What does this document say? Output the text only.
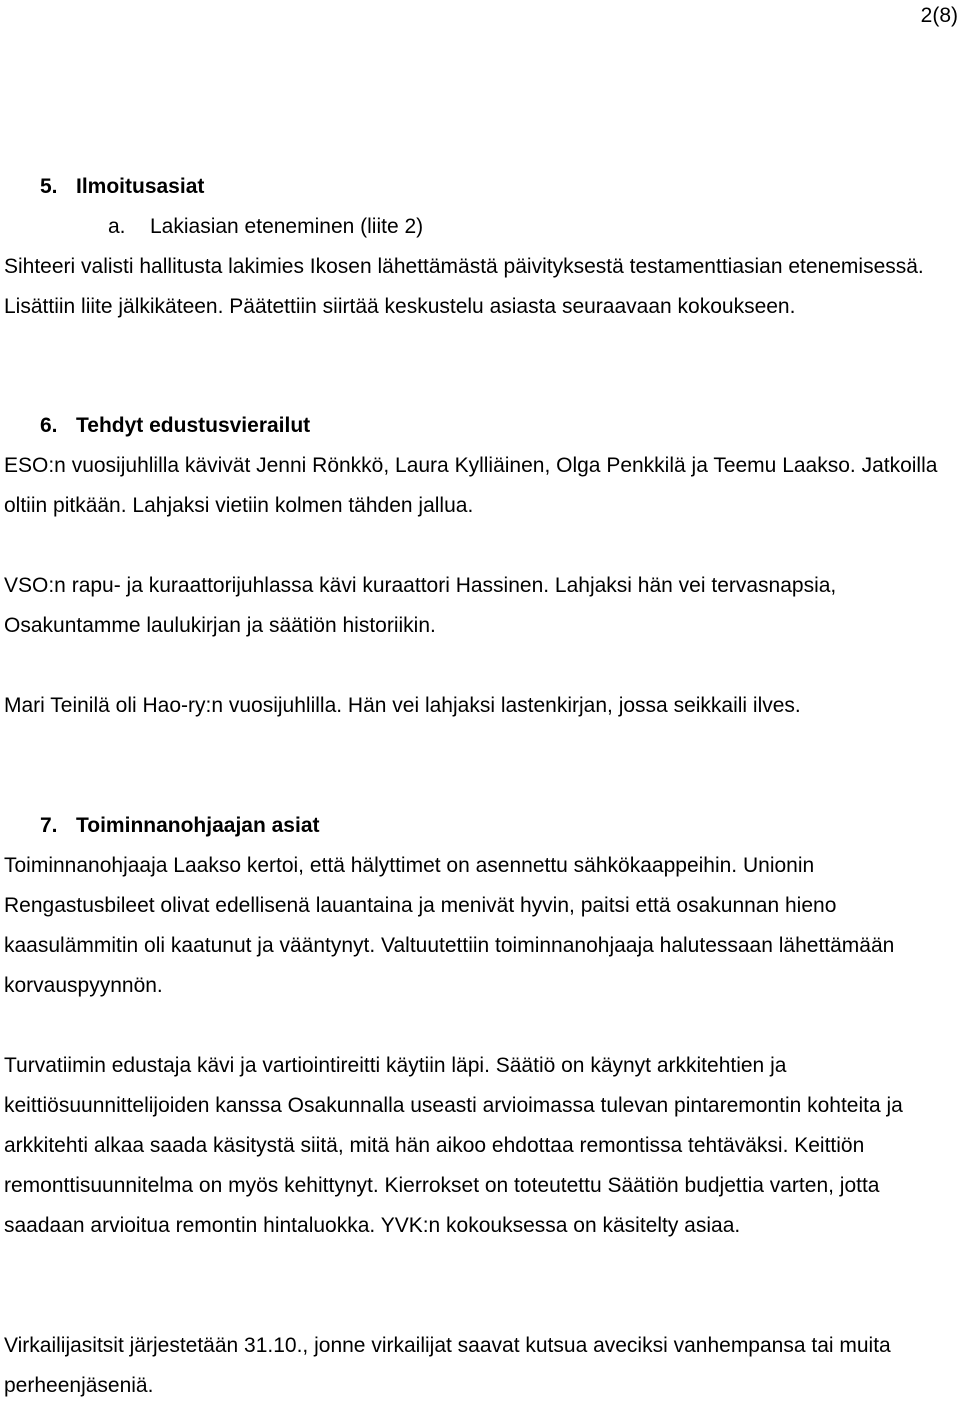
2(8)
5. Ilmoitusasiat
a. Lakiasian eteneminen (liite 2)

Sihteeri valisti hallitusta lakimies Ikosen lähettämästä päivityksestä testamenttiasian etenemisessä. Lisättiin liite jälkikäteen. Päätettiin siirtää keskustelu asiasta seuraavaan kokoukseen.

6. Tehdyt edustusvierailut

ESO:n vuosijuhlilla kävivät Jenni Rönkkö, Laura Kylliäinen, Olga Penkkilä ja Teemu Laakso. Jatkoilla oltiin pitkään. Lahjaksi vietiin kolmen tähden jallua.

VSO:n rapu- ja kuraattorijuhlassa kävi kuraattori Hassinen. Lahjaksi hän vei tervasnapsia, Osakuntamme laulukirjan ja säätiön historiikin.

Mari Teinilä oli Hao-ry:n vuosijuhlilla. Hän vei lahjaksi lastenkirjan, jossa seikkaili ilves.

7. Toiminnanohjaajan asiat

Toiminnanohjaaja Laakso kertoi, että hälyttimet on asennettu sähkökaappeihin. Unionin Rengastusbileet olivat edellisenä lauantaina ja menivät hyvin, paitsi että osakunnan hieno kaasulämmitin oli kaatunut ja vääntynyt. Valtuutettiin toiminnanohjaaja halutessaan lähettämään korvauspyynnön.

Turvatiimin edustaja kävi ja vartiointireitti käytiin läpi. Säätiö on käynyt arkkitehtien ja keittiösuunnittelijoiden kanssa Osakunnalla useasti arvioimassa tulevan pintaremontin kohteita ja arkkitehti alkaa saada käsitystä siitä, mitä hän aikoo ehdottaa remontissa tehtäväksi. Keittiön remonttisuunnitelma on myös kehittynyt. Kierrokset on toteutettu Säätiön budjettia varten, jotta saadaan arvioitua remontin hintaluokka. YVK:n kokouksessa on käsitelty asiaa.

Virkailijasitsit järjestetään 31.10., jonne virkailijat saavat kutsua aveciksi vanhempansa tai muita perheenjäseniä.
